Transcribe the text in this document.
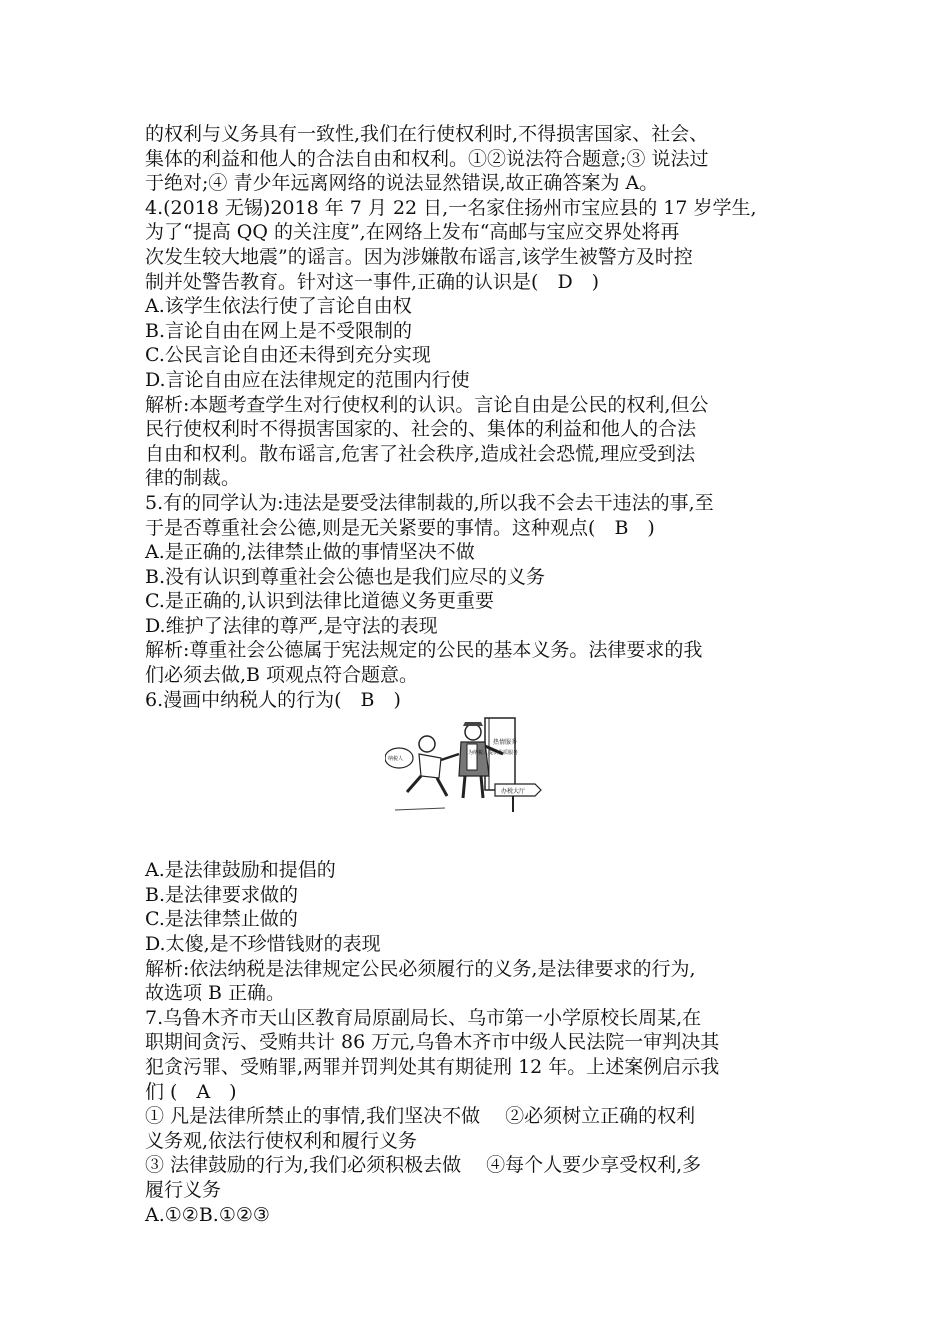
的权利与义务具有一致性,我们在行使权利时,不得损害国家、社会、

集体的利益和他人的合法自由和权利。①②说法符合题意;③ 说法过

于绝对;④ 青少年远离网络的说法显然错误,故正确答案为 A。

4.(2018 无锡)2018 年 7 月 22 日,一名家住扬州市宝应县的 17 岁学生,

为了“提高 QQ 的关注度”,在网络上发布“高邮与宝应交界处将再

次发生较大地震”的谣言。因为涉嫌散布谣言,该学生被警方及时控

制并处警告教育。针对这一事件,正确的认识是(　D　)

A.该学生依法行使了言论自由权

B.言论自由在网上是不受限制的

C.公民言论自由还未得到充分实现

D.言论自由应在法律规定的范围内行使

解析:本题考查学生对行使权利的认识。言论自由是公民的权利,但公

民行使权利时不得损害国家的、社会的、集体的利益和他人的合法

自由和权利。散布谣言,危害了社会秩序,造成社会恐慌,理应受到法

律的制裁。

5.有的同学认为:违法是要受法律制裁的,所以我不会去干违法的事,至

于是否尊重社会公德,则是无关紧要的事情。这种观点(　B　)

A.是正确的,法律禁止做的事情坚决不做

B.没有认识到尊重社会公德也是我们应尽的义务

C.是正确的,认识到法律比道德义务更重要

D.维护了法律的尊严,是守法的表现

解析:尊重社会公德属于宪法规定的公民的基本义务。法律要求的我

们必须去做,B 项观点符合题意。

6.漫画中纳税人的行为(　B　)

热情服务
为纳税人提供优质服务
纳税人
办税大厅

A.是法律鼓励和提倡的

B.是法律要求做的

C.是法律禁止做的

D.太傻,是不珍惜钱财的表现

解析:依法纳税是法律规定公民必须履行的义务,是法律要求的行为,

故选项 B 正确。

7.乌鲁木齐市天山区教育局原副局长、乌市第一小学原校长周某,在

职期间贪污、受贿共计 86 万元,乌鲁木齐市中级人民法院一审判决其

犯贪污罪、受贿罪,两罪并罚判处其有期徒刑 12 年。上述案例启示我

们 (　A　)

① 凡是法律所禁止的事情,我们坚决不做　 ②必须树立正确的权利

义务观,依法行使权利和履行义务

③ 法律鼓励的行为,我们必须积极去做　 ④每个人要少享受权利,多

履行义务

A.①②B.①②③
